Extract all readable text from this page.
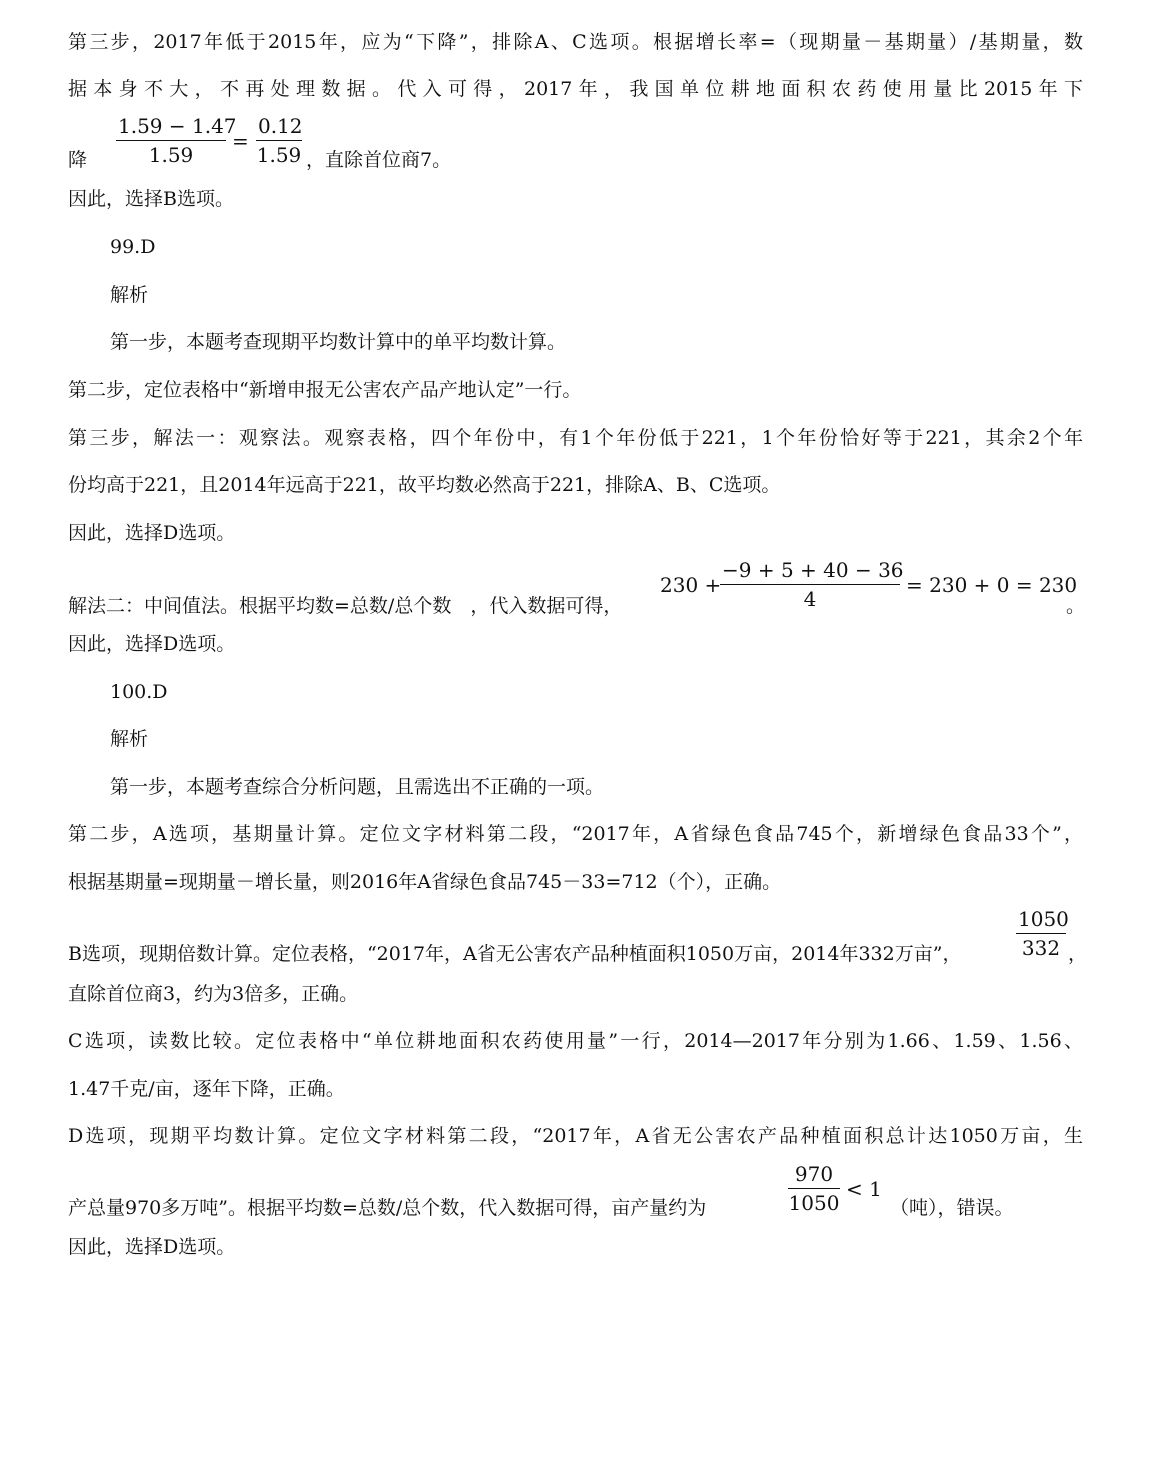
第三步，2017年低于2015年，应为“下降”，排除A、C选项。根据增长率=（现期量－基期量）/基期量，数
据本身不大，不再处理数据。代入可得，2017年，我国单位耕地面积农药使用量比2015年下
降 $\frac{1.59 - 1.47}{1.59} = \frac{0.12}{1.59}$ ，直除首位商7。
因此，选择B选项。
99.D
解析
第一步，本题考查现期平均数计算中的单平均数计算。
第二步，定位表格中“新增申报无公害农产品产地认定”一行。
第三步，解法一：观察法。观察表格，四个年份中，有1个年份低于221，1个年份恰好等于221，其余2个年
份均高于221，且2014年远高于221，故平均数必然高于221，排除A、B、C选项。
因此，选择D选项。
解法二：中间值法。根据平均数=总数/总个数　，代入数据可得，
230 +
$\frac{-9 + 5 + 40 - 36}{4} = 230 + 0 = 230$
。
因此，选择D选项。
100.D
解析
第一步，本题考查综合分析问题，且需选出不正确的一项。
第二步，A选项，基期量计算。定位文字材料第二段，“2017年，A省绿色食品745个，新增绿色食品33个”，
根据基期量=现期量－增长量，则2016年A省绿色食品745－33=712（个），正确。
B选项，现期倍数计算。定位表格，“2017年，A省无公害农产品种植面积1050万亩，2014年332万亩”，	$\frac{1050}{332}$ ，
直除首位商3，约为3倍多，正确。
C选项，读数比较。定位表格中“单位耕地面积农药使用量”一行，2014—2017年分别为1.66、1.59、1.56、
1.47千克/亩，逐年下降，正确。
D选项，现期平均数计算。定位文字材料第二段，“2017年，A省无公害农产品种植面积总计达1050万亩，生
产总量970多万吨”。根据平均数=总数/总个数，代入数据可得，亩产量约为	$\frac{970}{1050} < 1$
（吨），错误。
因此，选择D选项。
